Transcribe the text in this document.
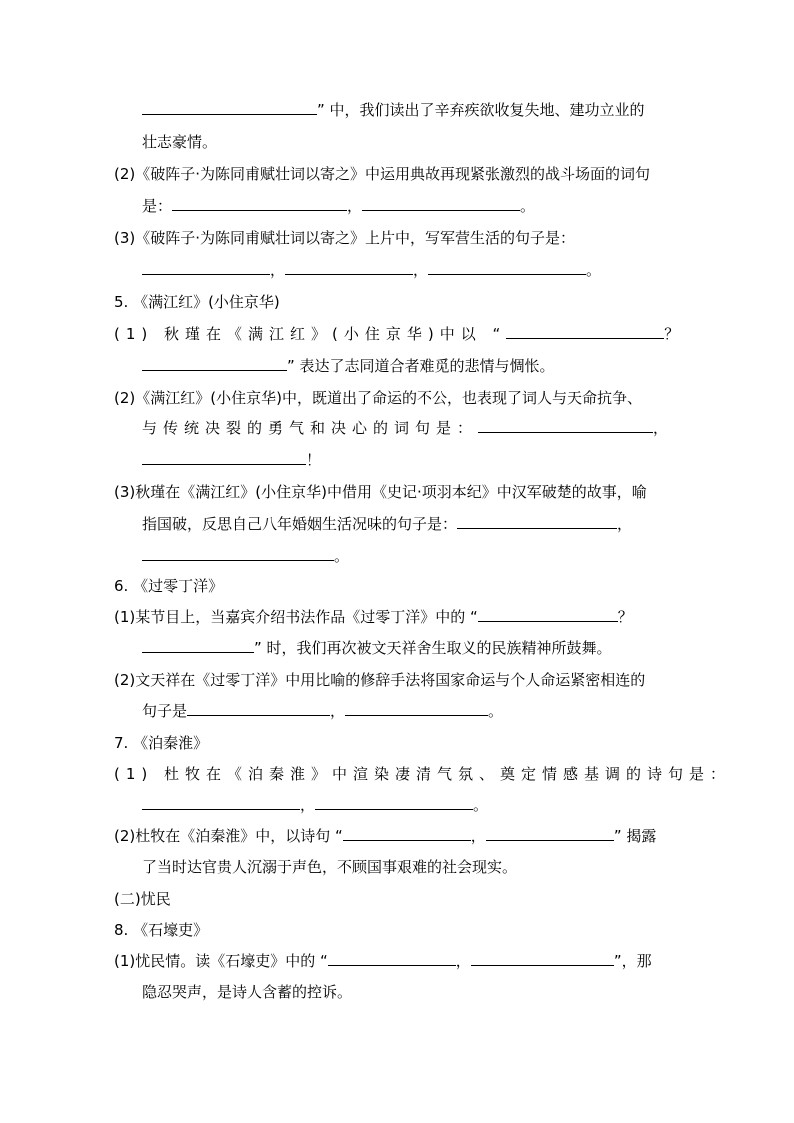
” 中，我们读出了辛弃疾欲收复失地、建功立业的
壮志豪情。
(2)《破阵子·为陈同甫赋壮词以寄之》中运用典故再现紧张激烈的战斗场面的词句
是：	，	。
(3)《破阵子·为陈同甫赋壮词以寄之》上片中，写军营生活的句子是：
，	，	。
5. 《满江红》(小住京华)
(1) 秋瑾在《满江红》(小住京华)中以 “	？
” 表达了志同道合者难觅的悲情与惆怅。
(2)《满江红》(小住京华)中，既道出了命运的不公，也表现了词人与天命抗争、
与传统决裂的勇气和决心的词句是：	，
！
(3)秋瑾在《满江红》(小住京华)中借用《史记·项羽本纪》中汉军破楚的故事，喻
指国破，反思自己八年婚姻生活况味的句子是：	，
。
6. 《过零丁洋》
(1)某节目上，当嘉宾介绍书法作品《过零丁洋》中的 “	？
” 时，我们再次被文天祥舍生取义的民族精神所鼓舞。
(2)文天祥在《过零丁洋》中用比喻的修辞手法将国家命运与个人命运紧密相连的
句子是	，	。
7. 《泊秦淮》
(1) 杜牧在《泊秦淮》中渲染凄清气氛、奠定情感基调的诗句是：
，	。
(2)杜牧在《泊秦淮》中，以诗句 “	，	” 揭露
了当时达官贵人沉溺于声色，不顾国事艰难的社会现实。
(二)忧民
8. 《石壕吏》
(1)忧民情。读《石壕吏》中的 “	，	”，那
隐忍哭声，是诗人含蓄的控诉。
